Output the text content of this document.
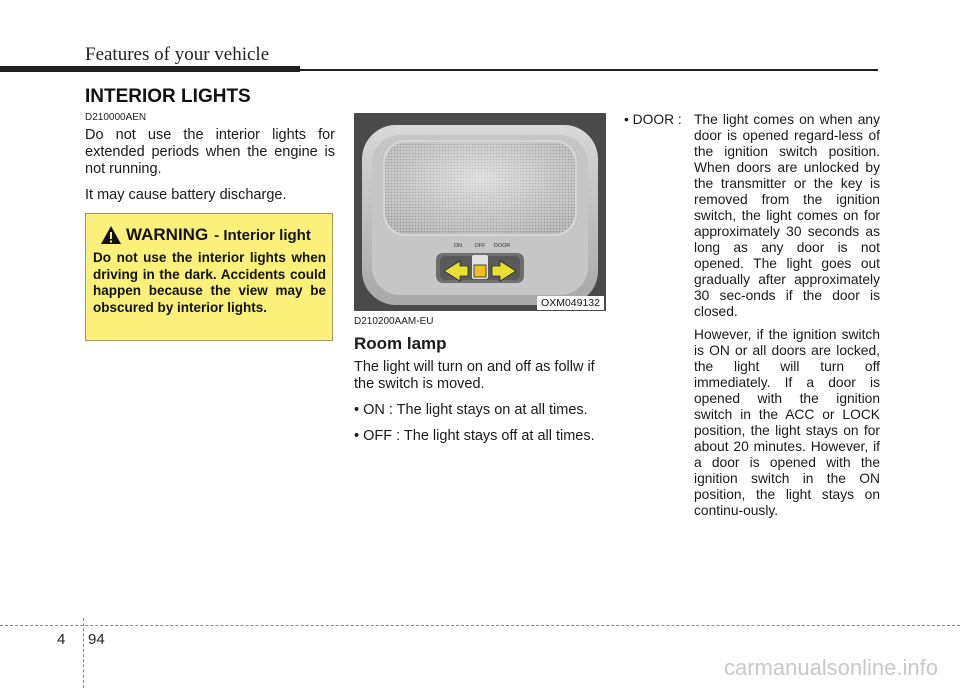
Features of your vehicle
INTERIOR LIGHTS
D210000AEN

Do not use the interior lights for extended periods when the engine is not running.

It may cause battery discharge.

WARNING - Interior light
Do not use the interior lights when driving in the dark. Accidents could happen because the view may be obscured by interior lights.
ON OFF DOOR
OXM049132
D210200AAM-EU
Room lamp

The light will turn on and off as follw if the switch is moved.

• ON : The light stays on at all times.
• OFF : The light stays off at all times.
• DOOR : The light comes on when any door is opened regard-less of the ignition switch position. When doors are unlocked by the transmitter or the key is removed from the ignition switch, the light comes on for approximately 30 seconds as long as any door is not opened. The light goes out gradually after approximately 30 sec-onds if the door is closed.
However, if the ignition switch is ON or all doors are locked, the light will turn off immediately. If a door is opened with the ignition switch in the ACC or LOCK position, the light stays on for about 20 minutes. However, if a door is opened with the ignition switch in the ON position, the light stays on continu-ously.
4 94
carmanualsonline.info
